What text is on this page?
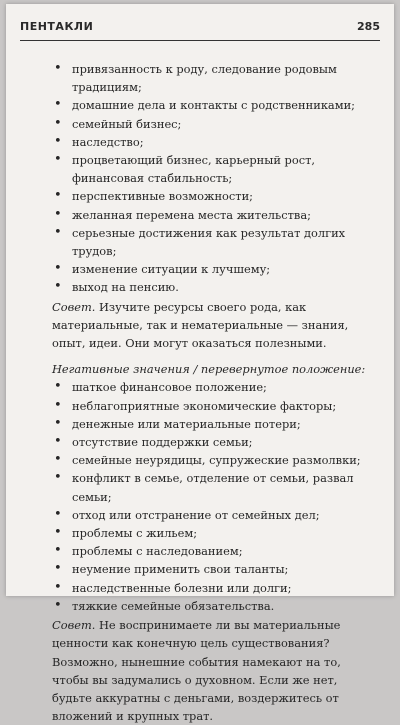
ПЕНТАКЛИ	285
• привязанность к роду, следование родовым традициям;
• домашние дела и контакты с родственниками;
• семейный бизнес;
• наследство;
• процветающий бизнес, карьерный рост, финансовая стабильность;
• перспективные возможности;
• желанная перемена места жительства;
• серьезные достижения как результат долгих трудов;
• изменение ситуации к лучшему;
• выход на пенсию.

Совет. Изучите ресурсы своего рода, как материальные, так и нематериальные — знания, опыт, идеи. Они могут оказаться полезными.

Негативные значения / перевернутое положение:

• шаткое финансовое положение;
• неблагоприятные экономические факторы;
• денежные или материальные потери;
• отсутствие поддержки семьи;
• семейные неурядицы, супружеские размолвки;
• конфликт в семье, отделение от семьи, развал семьи;
• отход или отстранение от семейных дел;
• проблемы с жильем;
• проблемы с наследованием;
• неумение применить свои таланты;
• наследственные болезни или долги;
• тяжкие семейные обязательства.

Совет. Не воспринимаете ли вы материальные ценности как конечную цель существования? Возможно, нынешние события намекают на то, чтобы вы задумались о духовном. Если же нет, будьте аккуратны с деньгами, воздержитесь от вложений и крупных трат.
